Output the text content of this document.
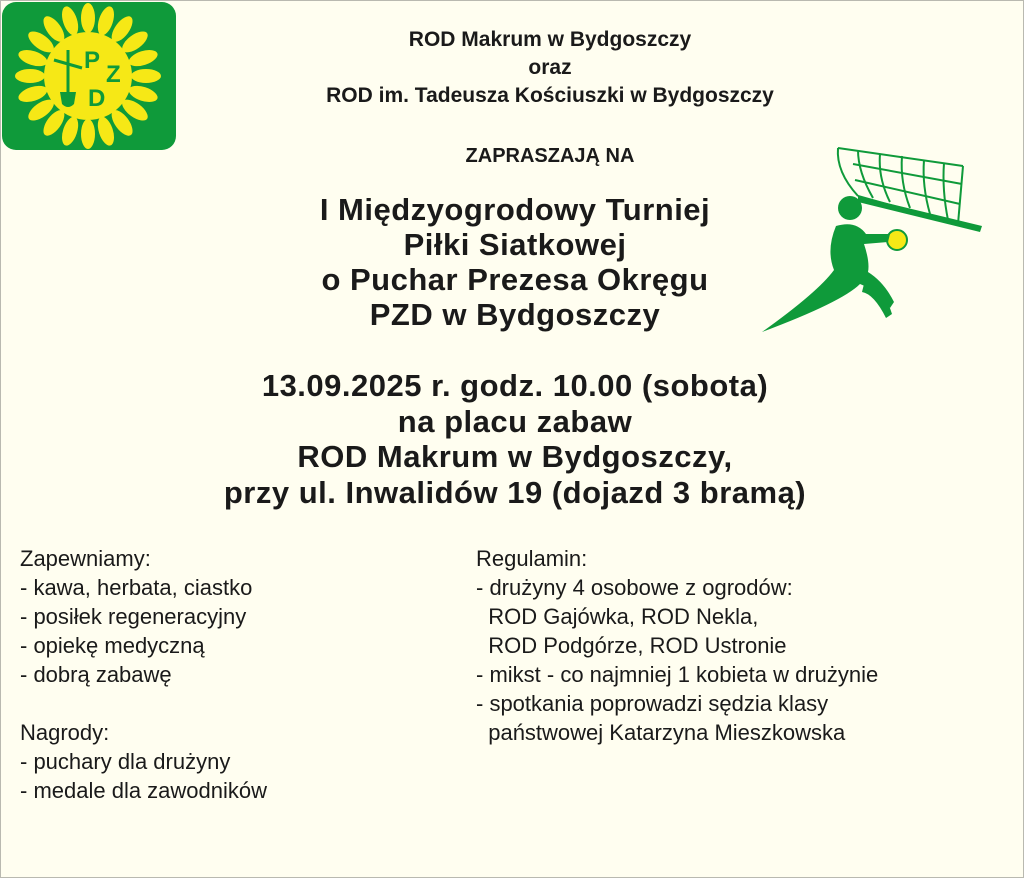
P
Z
D
ROD Makrum w Bydgoszczy
oraz
ROD im. Tadeusza Kościuszki w Bydgoszczy
ZAPRASZAJĄ NA
I Międzyogrodowy Turniej
Piłki Siatkowej
o Puchar Prezesa Okręgu
PZD w Bydgoszczy
13.09.2025 r. godz. 10.00 (sobota)
na placu zabaw
ROD Makrum w Bydgoszczy,
przy ul. Inwalidów 19 (dojazd 3 bramą)
Zapewniamy:
- kawa, herbata, ciastko
- posiłek regeneracyjny
- opiekę medyczną
- dobrą zabawę
Nagrody:
- puchary dla drużyny
- medale dla zawodników
Regulamin:
- drużyny 4 osobowe z ogrodów:
ROD Gajówka, ROD Nekla,
ROD Podgórze, ROD Ustronie
- mikst - co najmniej 1 kobieta w drużynie
- spotkania poprowadzi sędzia klasy
państwowej Katarzyna Mieszkowska
